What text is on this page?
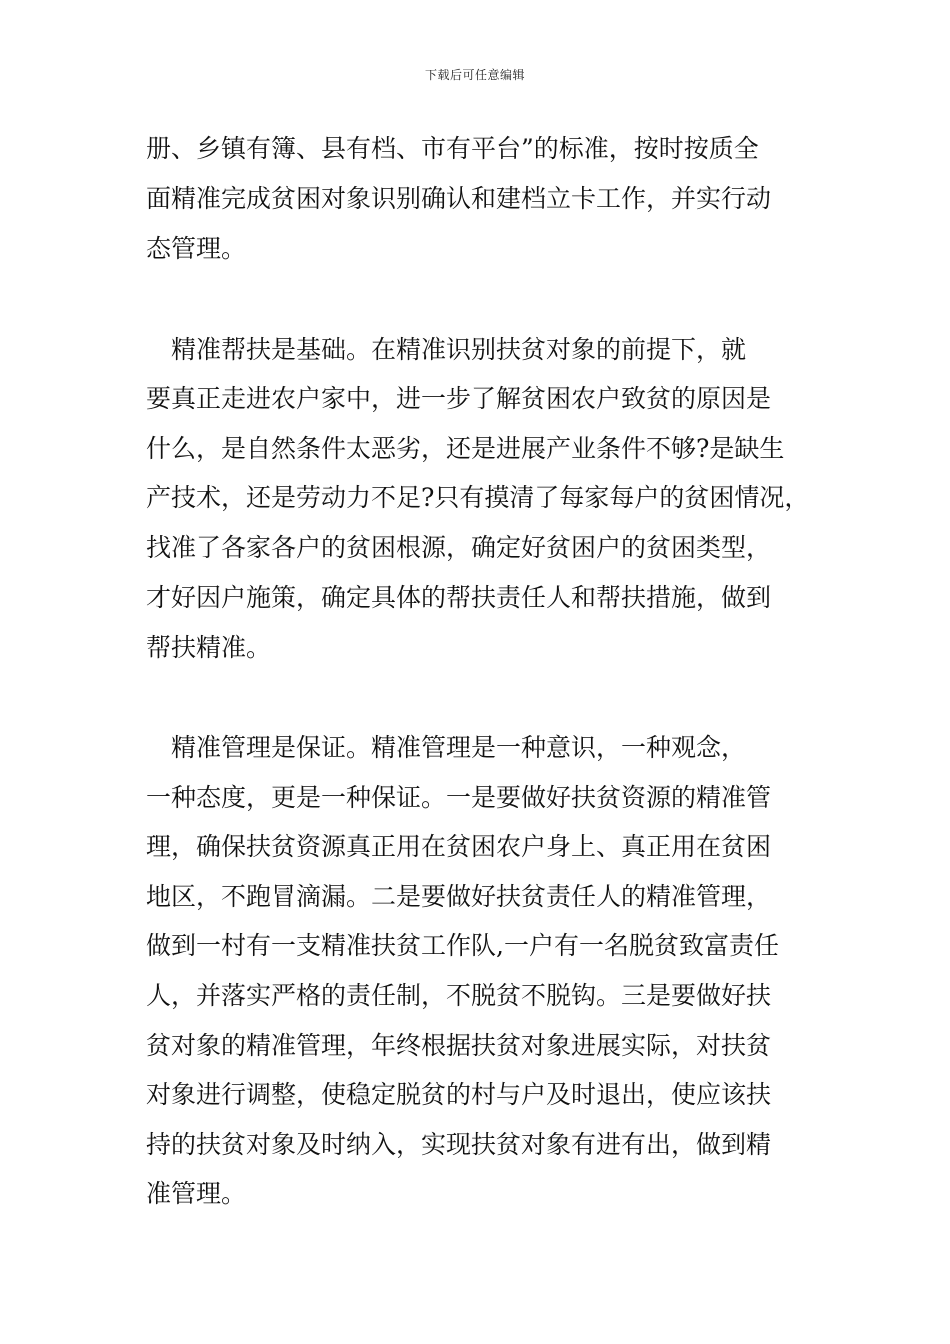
下载后可任意编辑

册、乡镇有簿、县有档、市有平台”的标准，按时按质全

面精准完成贫困对象识别确认和建档立卡工作，并实行动

态管理。

　精准帮扶是基础。在精准识别扶贫对象的前提下，就

要真正走进农户家中，进一步了解贫困农户致贫的原因是

什么，是自然条件太恶劣，还是进展产业条件不够?是缺生

产技术，还是劳动力不足?只有摸清了每家每户的贫困情况，

找准了各家各户的贫困根源，确定好贫困户的贫困类型，

才好因户施策，确定具体的帮扶责任人和帮扶措施，做到

帮扶精准。

　精准管理是保证。精准管理是一种意识，一种观念，

一种态度，更是一种保证。一是要做好扶贫资源的精准管

理，确保扶贫资源真正用在贫困农户身上、真正用在贫困

地区，不跑冒滴漏。二是要做好扶贫责任人的精准管理，

做到一村有一支精准扶贫工作队,一户有一名脱贫致富责任

人，并落实严格的责任制，不脱贫不脱钩。三是要做好扶

贫对象的精准管理，年终根据扶贫对象进展实际，对扶贫

对象进行调整，使稳定脱贫的村与户及时退出，使应该扶

持的扶贫对象及时纳入，实现扶贫对象有进有出，做到精

准管理。
